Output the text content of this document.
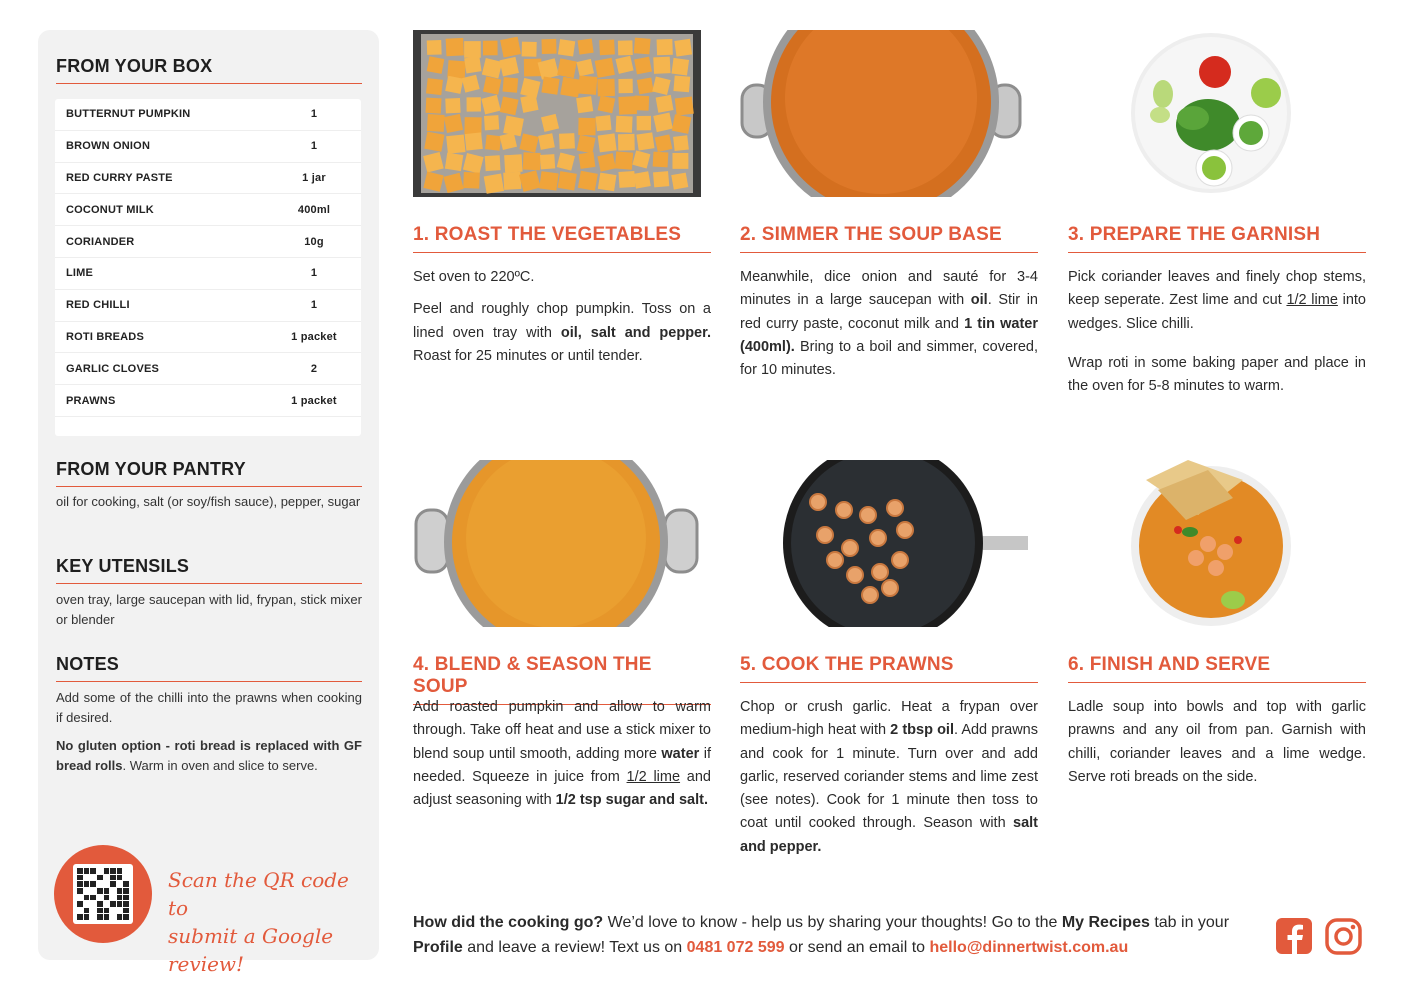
FROM YOUR BOX
BUTTERNUT PUMPKIN	1
BROWN ONION	1
RED CURRY PASTE	1 jar
COCONUT MILK	400ml
CORIANDER	10g
LIME	1
RED CHILLI	1
ROTI BREADS	1 packet
GARLIC CLOVES	2
PRAWNS	1 packet
FROM YOUR PANTRY
oil for cooking, salt (or soy/fish sauce), pepper, sugar
KEY UTENSILS
oven tray, large saucepan with lid, frypan, stick mixer or blender
NOTES
Add some of the chilli into the prawns when cooking if desired.
No gluten option - roti bread is replaced with GF bread rolls. Warm in oven and slice to serve.
Scan the QR code to
submit a Google review!
1. ROAST THE VEGETABLES

Set oven to 220ºC.

Peel and roughly chop pumpkin. Toss on a lined oven tray with oil, salt and pepper. Roast for 25 minutes or until tender.

2. SIMMER THE SOUP BASE

Meanwhile, dice onion and sauté for 3-4 minutes in a large saucepan with oil. Stir in red curry paste, coconut milk and 1 tin water (400ml). Bring to a boil and simmer, covered, for 10 minutes.

3. PREPARE THE GARNISH

Pick coriander leaves and finely chop stems, keep seperate. Zest lime and cut 1/2 lime into wedges. Slice chilli.

Wrap roti in some baking paper and place in the oven for 5-8 minutes to warm.

4. BLEND & SEASON THE SOUP

Add roasted pumpkin and allow to warm through. Take off heat and use a stick mixer to blend soup until smooth, adding more water if needed. Squeeze in juice from 1/2 lime and adjust seasoning with 1/2 tsp sugar and salt.

5. COOK THE PRAWNS

Chop or crush garlic. Heat a frypan over medium-high heat with 2 tbsp oil. Add prawns and cook for 1 minute. Turn over and add garlic, reserved coriander stems and lime zest (see notes). Cook for 1 minute then toss to coat until cooked through. Season with salt and pepper.

6. FINISH AND SERVE

Ladle soup into bowls and top with garlic prawns and any oil from pan. Garnish with chilli, coriander leaves and a lime wedge. Serve roti breads on the side.

How did the cooking go? We’d love to know - help us by sharing your thoughts! Go to the My Recipes tab in your Profile and leave a review! Text us on 0481 072 599 or send an email to hello@dinnertwist.com.au
